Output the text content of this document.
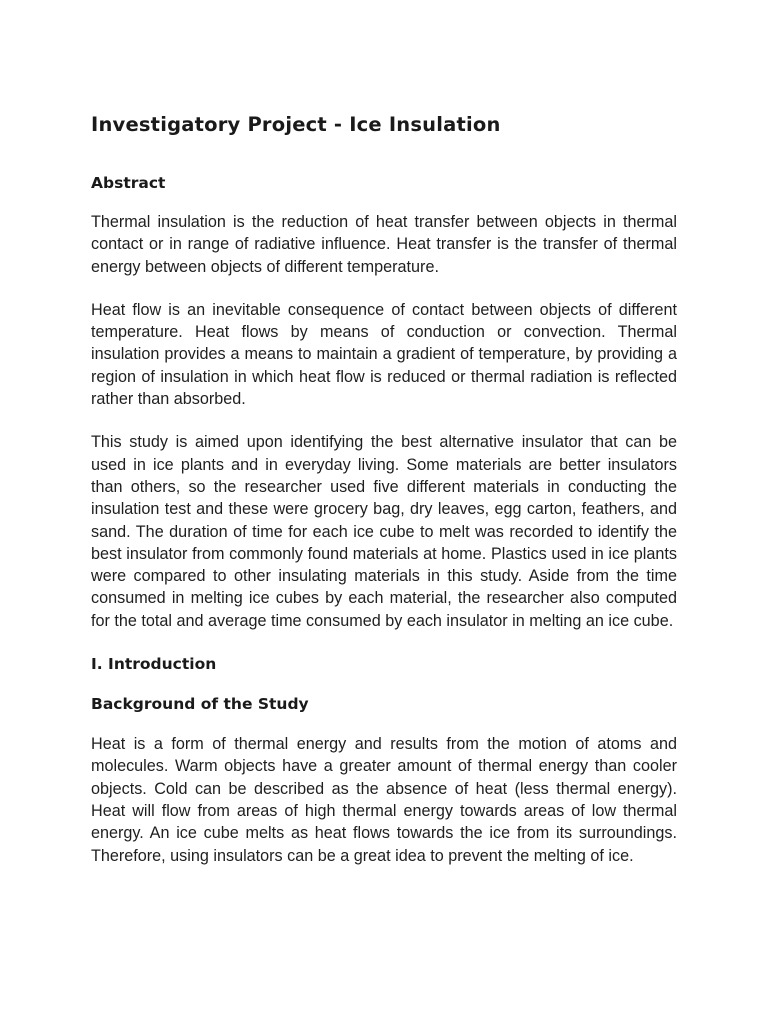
Investigatory Project - Ice Insulation
Abstract

Thermal insulation is the reduction of heat transfer between objects in thermal contact or in range of radiative influence. Heat transfer is the transfer of thermal energy between objects of different temperature.

Heat flow is an inevitable consequence of contact between objects of different temperature. Heat flows by means of conduction or convection. Thermal insulation provides a means to maintain a gradient of temperature, by providing a region of insulation in which heat flow is reduced or thermal radiation is reflected rather than absorbed.

This study is aimed upon identifying the best alternative insulator that can be used in ice plants and in everyday living. Some materials are better insulators than others, so the researcher used five different materials in conducting the insulation test and these were grocery bag, dry leaves, egg carton, feathers, and sand. The duration of time for each ice cube to melt was recorded to identify the best insulator from commonly found materials at home. Plastics used in ice plants were compared to other insulating materials in this study. Aside from the time consumed in melting ice cubes by each material, the researcher also computed for the total and average time consumed by each insulator in melting an ice cube.

I. Introduction
Background of the Study

Heat is a form of thermal energy and results from the motion of atoms and molecules. Warm objects have a greater amount of thermal energy than cooler objects. Cold can be described as the absence of heat (less thermal energy). Heat will flow from areas of high thermal energy towards areas of low thermal energy. An ice cube melts as heat flows towards the ice from its surroundings. Therefore, using insulators can be a great idea to prevent the melting of ice.
